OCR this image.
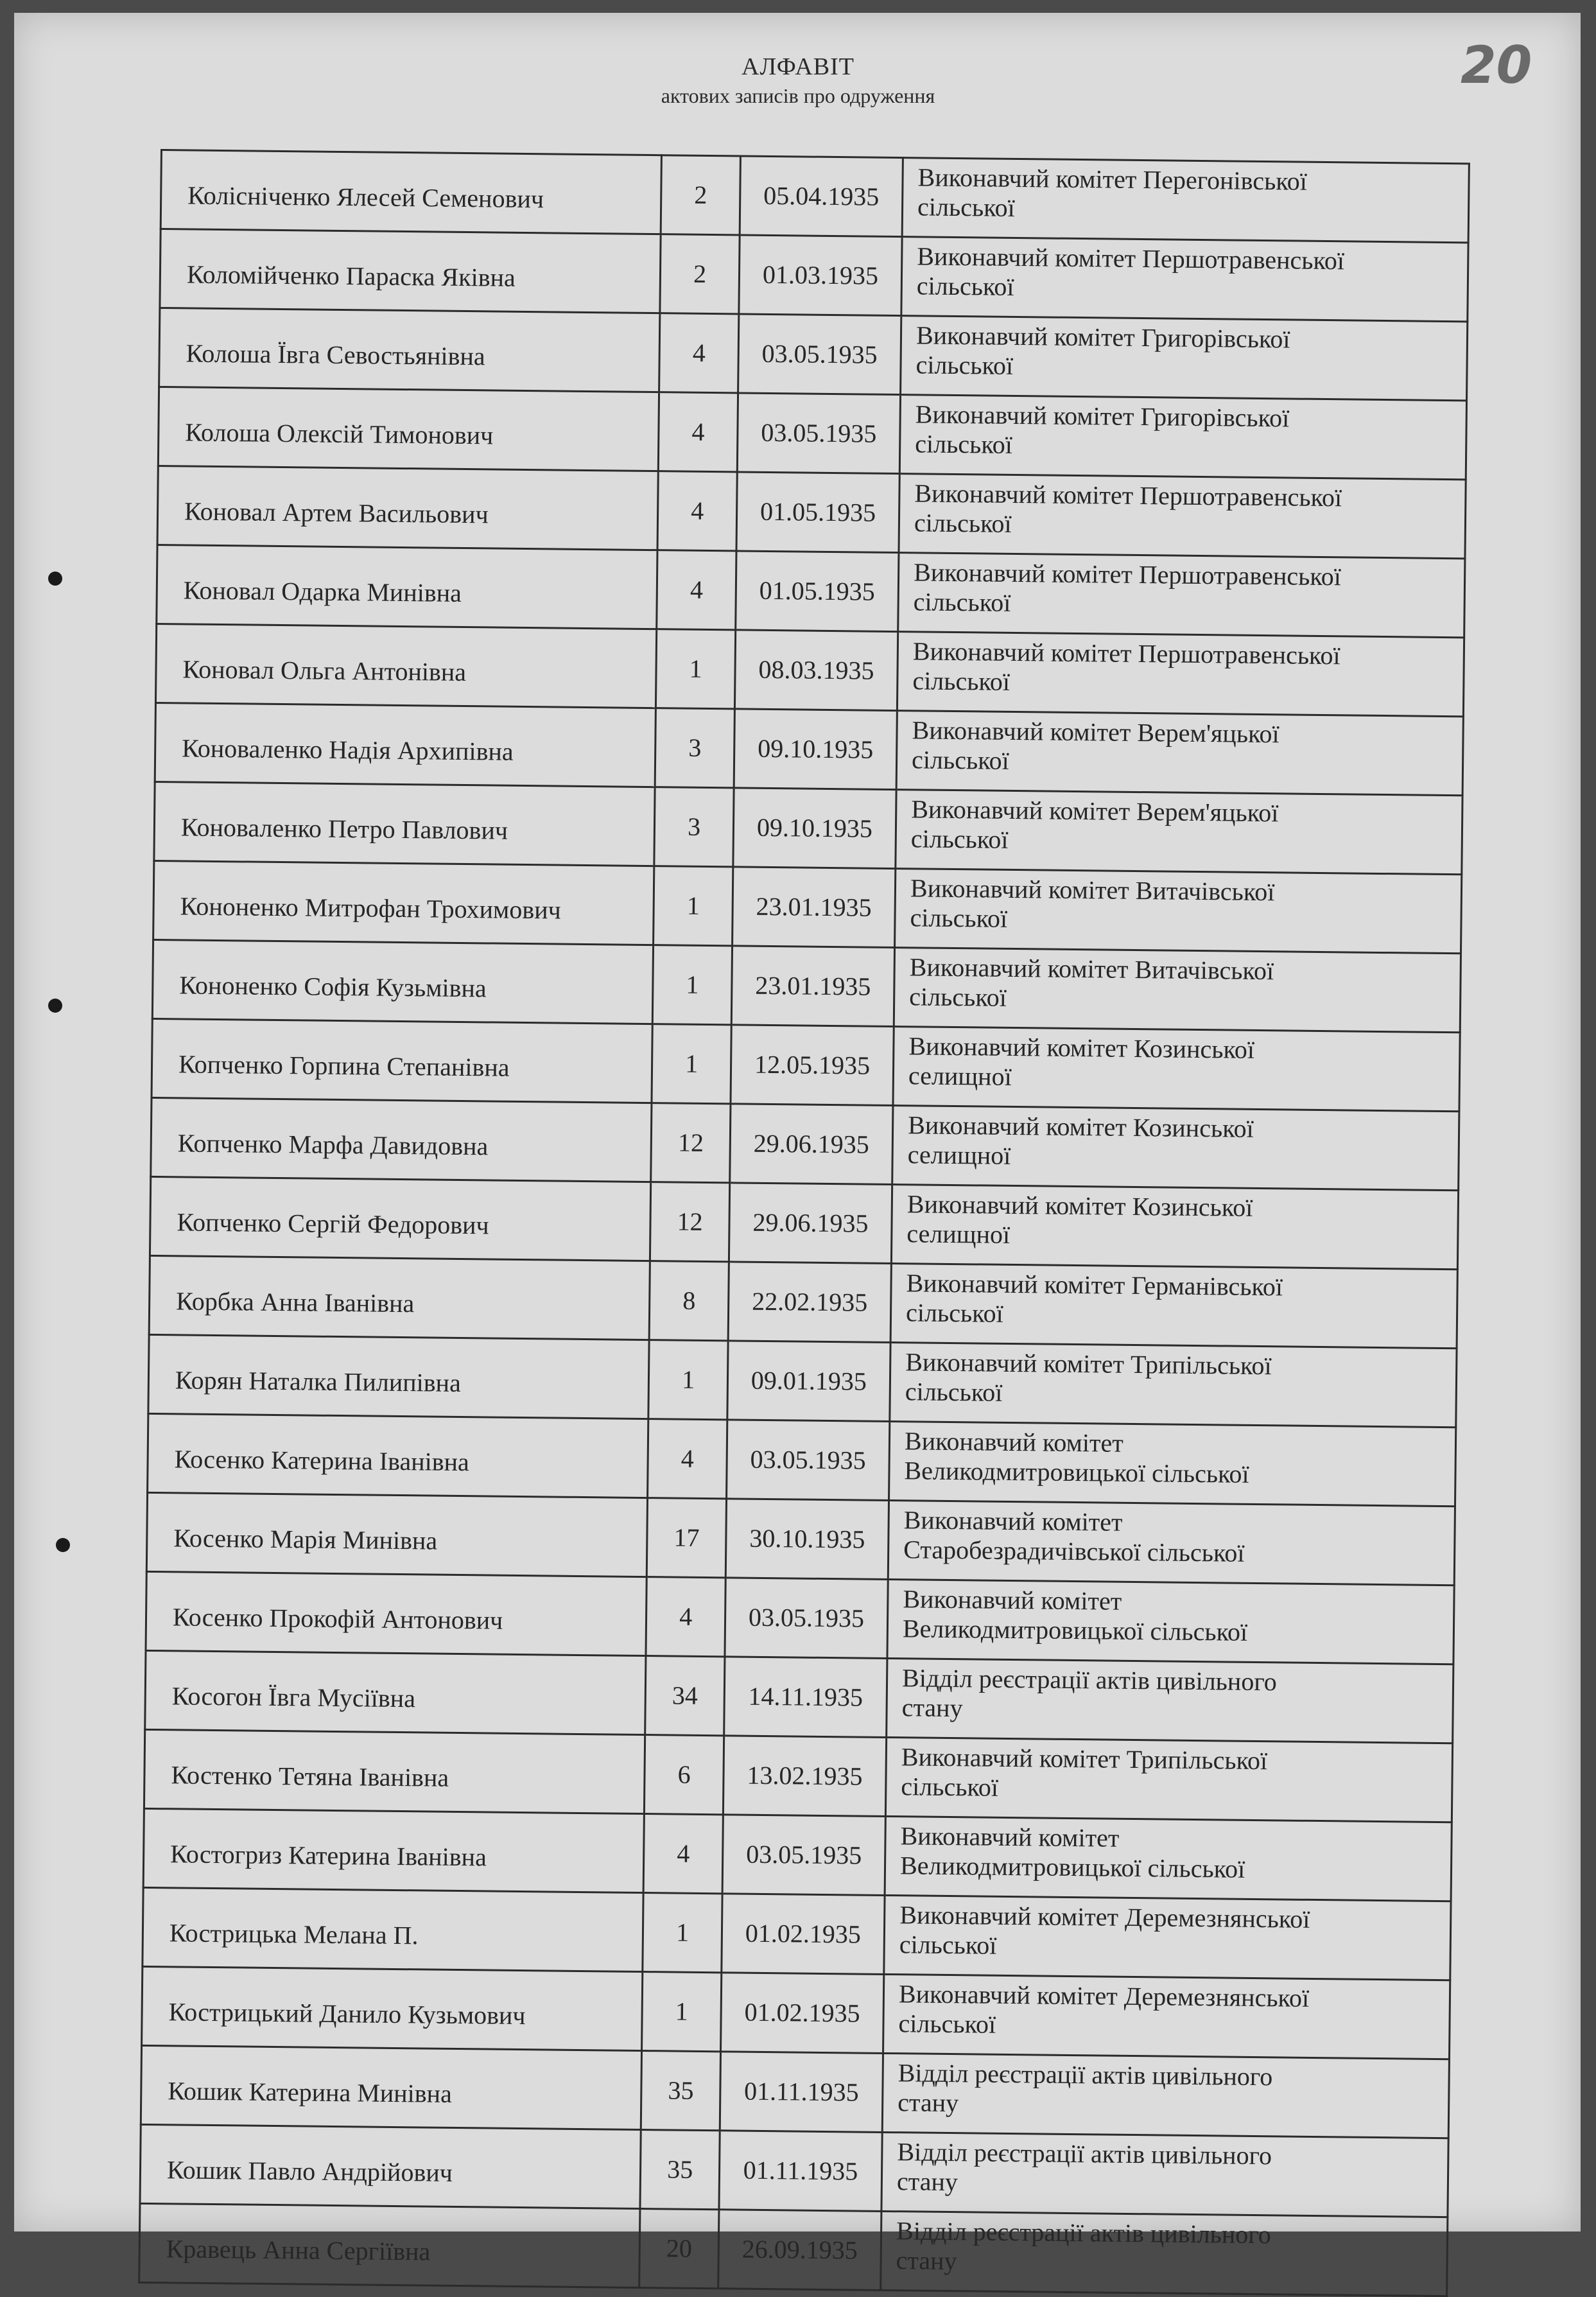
20
АЛФАВІТ
актових записів про одруження
Колісніченко Ялесей Семенович	2	05.04.1935	Виконавчий комітет Перегонівської
сільської

Коломійченко Параска Яківна	2	01.03.1935	Виконавчий комітет Першотравенської
сільської

Колоша Ївга Севостьянівна	4	03.05.1935	Виконавчий комітет Григорівської
сільської

Колоша Олексій Тимонович	4	03.05.1935	Виконавчий комітет Григорівської
сільської

Коновал Артем Васильович	4	01.05.1935	Виконавчий комітет Першотравенської
сільської

Коновал Одарка Минівна	4	01.05.1935	Виконавчий комітет Першотравенської
сільської

Коновал Ольга Антонівна	1	08.03.1935	Виконавчий комітет Першотравенської
сільської

Коноваленко Надія Архипівна	3	09.10.1935	Виконавчий комітет Верем'яцької
сільської

Коноваленко Петро Павлович	3	09.10.1935	Виконавчий комітет Верем'яцької
сільської

Кононенко Митрофан Трохимович	1	23.01.1935	Виконавчий комітет Витачівської
сільської

Кононенко Софія Кузьмівна	1	23.01.1935	Виконавчий комітет Витачівської
сільської

Копченко Горпина Степанівна	1	12.05.1935	Виконавчий комітет Козинської
селищної

Копченко Марфа Давидовна	12	29.06.1935	Виконавчий комітет Козинської
селищної

Копченко Сергій Федорович	12	29.06.1935	Виконавчий комітет Козинської
селищної

Корбка Анна Іванівна	8	22.02.1935	Виконавчий комітет Германівської
сільської

Корян Наталка Пилипівна	1	09.01.1935	Виконавчий комітет Трипільської
сільської

Косенко Катерина Іванівна	4	03.05.1935	Виконавчий комітет
Великодмитровицької сільської

Косенко Марія Минівна	17	30.10.1935	Виконавчий комітет
Старобезрадичівської сільської

Косенко Прокофій Антонович	4	03.05.1935	Виконавчий комітет
Великодмитровицької сільської

Косогон Ївга Мусіївна	34	14.11.1935	Відділ реєстрації актів цивільного
стану

Костенко Тетяна Іванівна	6	13.02.1935	Виконавчий комітет Трипільської
сільської

Костогриз Катерина Іванівна	4	03.05.1935	Виконавчий комітет
Великодмитровицької сільської

Кострицька Мелана П.	1	01.02.1935	Виконавчий комітет Деремезнянської
сільської

Кострицький Данило Кузьмович	1	01.02.1935	Виконавчий комітет Деремезнянської
сільської

Кошик Катерина Минівна	35	01.11.1935	Відділ реєстрації актів цивільного
стану

Кошик Павло Андрійович	35	01.11.1935	Відділ реєстрації актів цивільного
стану

Кравець Анна Сергіївна	20	26.09.1935	Відділ реєстрації актів цивільного
стану
